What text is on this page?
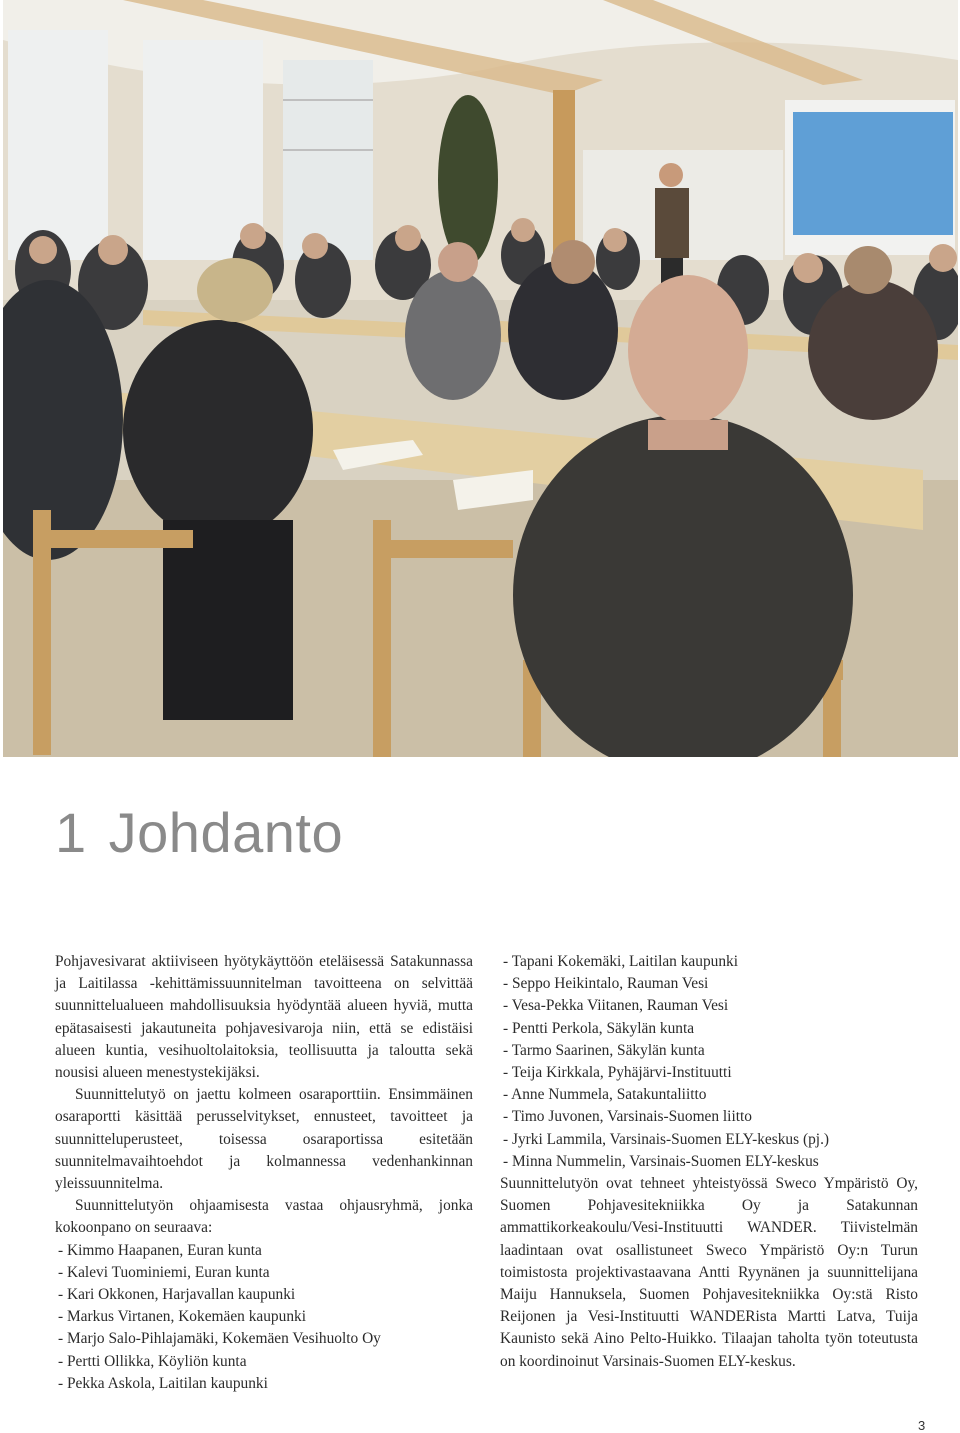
1 Johdanto

Pohjavesivarat aktiiviseen hyötykäyttöön eteläisessä Satakunnassa ja Laitilassa -kehittämissuunnitelman tavoitteena on selvittää suunnittelualueen mahdollisuuksia hyödyntää alueen hyviä, mutta epätasaisesti jakautuneita pohjavesivaroja niin, että se edistäisi alueen kuntia, vesihuoltolaitoksia, teollisuutta ja taloutta sekä nousisi alueen menestystekijäksi.

Suunnittelutyö on jaettu kolmeen osaraporttiin. Ensimmäinen osaraportti käsittää perusselvitykset, ennusteet, tavoitteet ja suunnitteluperusteet, toisessa osaraportissa esitetään suunnitelmavaihtoehdot ja kolmannessa vedenhankinnan yleissuunnitelma.

Suunnittelutyön ohjaamisesta vastaa ohjausryhmä, jonka kokoonpano on seuraava:

- Kimmo Haapanen, Euran kunta
- Kalevi Tuominiemi, Euran kunta
- Kari Okkonen, Harjavallan kaupunki
- Markus Virtanen, Kokemäen kaupunki
- Marjo Salo-Pihlajamäki, Kokemäen Vesihuolto Oy
- Pertti Ollikka, Köyliön kunta
- Pekka Askola, Laitilan kaupunki
- Tapani Kokemäki, Laitilan kaupunki
- Seppo Heikintalo, Rauman Vesi
- Vesa-Pekka Viitanen, Rauman Vesi
- Pentti Perkola, Säkylän kunta
- Tarmo Saarinen, Säkylän kunta
- Teija Kirkkala, Pyhäjärvi-Instituutti
- Anne Nummela, Satakuntaliitto
- Timo Juvonen, Varsinais-Suomen liitto
- Jyrki Lammila, Varsinais-Suomen ELY-keskus (pj.)
- Minna Nummelin, Varsinais-Suomen ELY-keskus

Suunnittelutyön ovat tehneet yhteistyössä Sweco Ympäristö Oy, Suomen Pohjavesitekniikka Oy ja Satakunnan ammattikorkeakoulu/Vesi-Instituutti WANDER. Tiivistelmän laadintaan ovat osallistuneet Sweco Ympäristö Oy:n Turun toimistosta projektivastaavana Antti Ryynänen ja suunnittelijana Maiju Hannuksela, Suomen Pohjavesitekniikka Oy:stä Risto Reijonen ja Vesi-Instituutti WANDERista Martti Latva, Tuija Kaunisto sekä Aino Pelto-Huikko. Tilaajan taholta työn toteutusta on koordinoinut Varsinais-Suomen ELY-keskus.

3
